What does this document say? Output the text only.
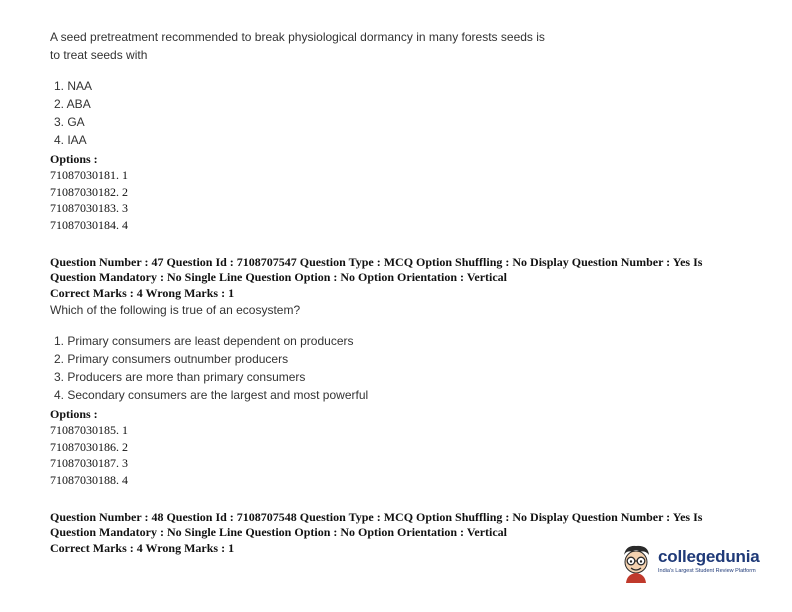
A seed pretreatment recommended to break physiological dormancy in many forests seeds is
to treat seeds with
1. NAA
2. ABA
3. GA
4. IAA
Options :
71087030181. 1
71087030182. 2
71087030183. 3
71087030184. 4
Question Number : 47 Question Id : 7108707547 Question Type : MCQ Option Shuffling : No Display Question Number : Yes Is
Question Mandatory : No Single Line Question Option : No Option Orientation : Vertical
Correct Marks : 4 Wrong Marks : 1
Which of the following is true of an ecosystem?
1. Primary consumers are least dependent on producers
2. Primary consumers outnumber producers
3. Producers are more than primary consumers
4. Secondary consumers are the largest and most powerful
Options :
71087030185. 1
71087030186. 2
71087030187. 3
71087030188. 4
Question Number : 48 Question Id : 7108707548 Question Type : MCQ Option Shuffling : No Display Question Number : Yes Is
Question Mandatory : No Single Line Question Option : No Option Orientation : Vertical
Correct Marks : 4 Wrong Marks : 1	collegedunia
India's Largest Student Review Platform
